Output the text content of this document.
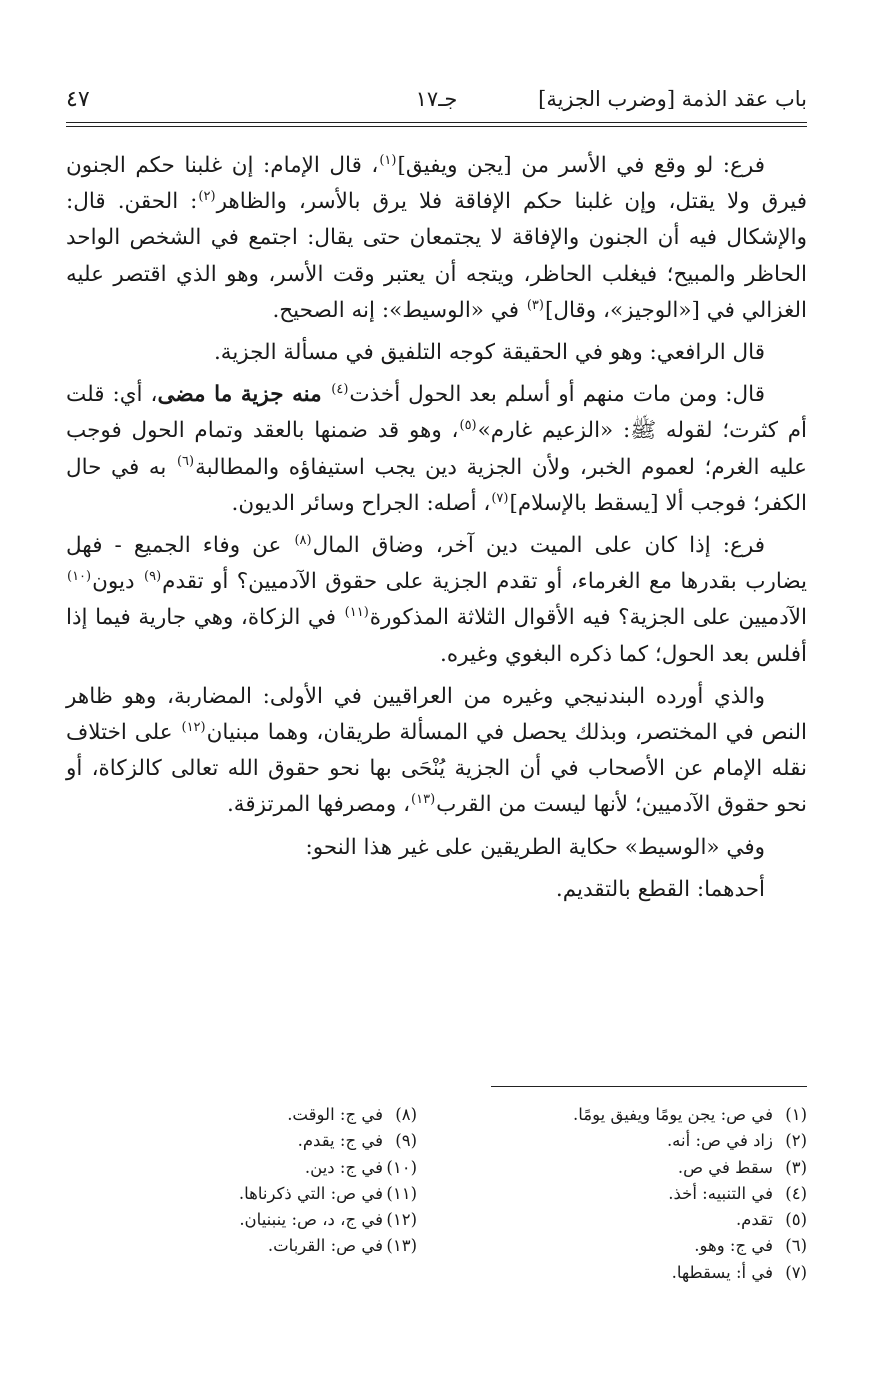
باب عقد الذمة [وضرب الجزية]
جـ١٧
٤٧

فرع: لو وقع في الأسر من [يجن ويفيق]$^{(١)}$، قال الإمام: إن غلبنا حكم الجنون فيرق ولا يقتل، وإن غلبنا حكم الإفاقة فلا يرق بالأسر، والظاهر$^{(٢)}$: الحقن. قال: والإشكال فيه أن الجنون والإفاقة لا يجتمعان حتى يقال: اجتمع في الشخص الواحد الحاظر والمبيح؛ فيغلب الحاظر، ويتجه أن يعتبر وقت الأسر، وهو الذي اقتصر عليه الغزالي في [«الوجيز»، وقال]$^{(٣)}$ في «الوسيط»: إنه الصحيح.

قال الرافعي: وهو في الحقيقة كوجه التلفيق في مسألة الجزية.

قال: ومن مات منهم أو أسلم بعد الحول أخذت$^{(٤)}$ منه جزية ما مضى، أي: قلت أم كثرت؛ لقوله ﷺ: «الزعيم غارم»$^{(٥)}$، وهو قد ضمنها بالعقد وتمام الحول فوجب عليه الغرم؛ لعموم الخبر، ولأن الجزية دين يجب استيفاؤه والمطالبة$^{(٦)}$ به في حال الكفر؛ فوجب ألا [يسقط بالإسلام]$^{(٧)}$، أصله: الجراح وسائر الديون.

فرع: إذا كان على الميت دين آخر، وضاق المال$^{(٨)}$ عن وفاء الجميع - فهل يضارب بقدرها مع الغرماء، أو تقدم الجزية على حقوق الآدميين؟ أو تقدم$^{(٩)}$ ديون$^{(١٠)}$ الآدميين على الجزية؟ فيه الأقوال الثلاثة المذكورة$^{(١١)}$ في الزكاة، وهي جارية فيما إذا أفلس بعد الحول؛ كما ذكره البغوي وغيره.

والذي أورده البندنيجي وغيره من العراقيين في الأولى: المضاربة، وهو ظاهر النص في المختصر، وبذلك يحصل في المسألة طريقان، وهما مبنيان$^{(١٢)}$ على اختلاف نقله الإمام عن الأصحاب في أن الجزية يُنْحَى بها نحو حقوق الله تعالى كالزكاة، أو نحو حقوق الآدميين؛ لأنها ليست من القرب$^{(١٣)}$، ومصرفها المرتزقة.

وفي «الوسيط» حكاية الطريقين على غير هذا النحو:

أحدهما: القطع بالتقديم.

(١)في ص: يجن يومًا ويفيق يومًا.
(٢)زاد في ص: أنه.
(٣)سقط في ص.
(٤)في التنبيه: أخذ.
(٥)تقدم.
(٦)في ج: وهو.
(٧)في أ: يسقطها.
(٨)في ج: الوقت.
(٩)في ج: يقدم.
(١٠)في ج: دين.
(١١)في ص: التي ذكرناها.
(١٢)في ج، د، ص: ينبنيان.
(١٣)في ص: القربات.
